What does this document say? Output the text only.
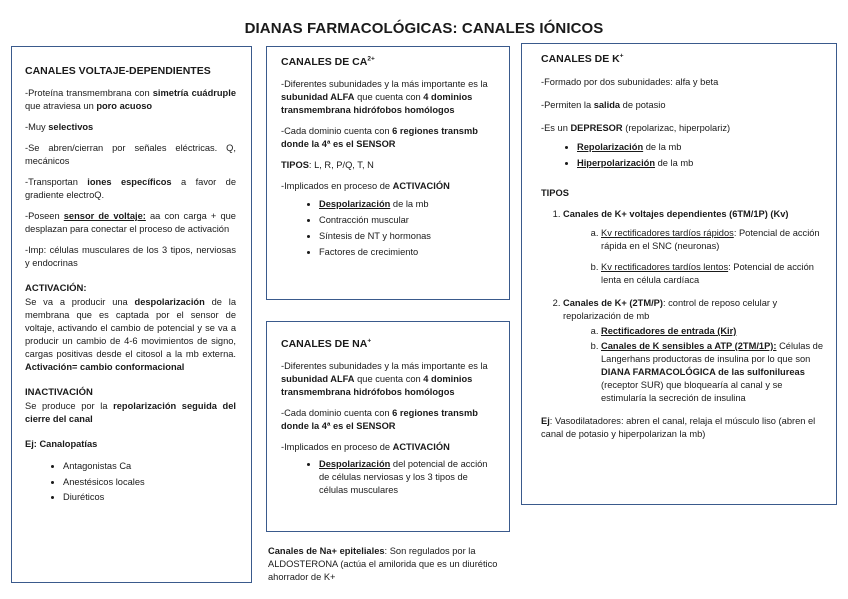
DIANAS FARMACOLÓGICAS: CANALES IÓNICOS
CANALES VOLTAJE-DEPENDIENTES

-Proteína transmembrana con simetría cuádruple que atraviesa un poro acuoso

-Muy selectivos

-Se abren/cierran por señales eléctricas. Q, mecánicos

-Transportan iones específicos a favor de gradiente electroQ.

-Poseen sensor de voltaje: aa con carga + que desplazan para conectar el proceso de activación

-Imp: células musculares de los 3 tipos, nerviosas y endocrinas

ACTIVACIÓN:

Se va a producir una despolarización de la membrana que es captada por el sensor de voltaje, activando el cambio de potencial y se va a producir un cambio de 4-6 movimientos de signo, cargas positivas desde el citosol a la mb externa. Activación= cambio conformacional

INACTIVACIÓN

Se produce por la repolarización seguida del cierre del canal

Ej: Canalopatías

• Antagonistas Ca
• Anestésicos locales
• Diuréticos
CANALES DE $CA^{2+}$

-Diferentes subunidades y la más importante es la subunidad ALFA que cuenta con 4 dominios transmembrana hidrófobos homólogos

-Cada dominio cuenta con 6 regiones transmb donde la 4ª es el SENSOR

TIPOS: L, R, P/Q, T, N

-Implicados en proceso de ACTIVACIÓN

• Despolarización de la mb
• Contracción muscular
• Síntesis de NT y hormonas
• Factores de crecimiento
CANALES DE NA+

-Diferentes subunidades y la más importante es la subunidad ALFA que cuenta con 4 dominios transmembrana hidrófobos homólogos

-Cada dominio cuenta con 6 regiones transmb donde la 4ª es el SENSOR

-Implicados en proceso de ACTIVACIÓN

• Despolarización del potencial de acción de células nerviosas y los 3 tipos de células musculares
Canales de Na+ epiteliales: Son regulados por la ALDOSTERONA (actúa el amilorida que es un diurético ahorrador de K+
CANALES DE K+

-Formado por dos subunidades: alfa y beta

-Permiten la salida de potasio

-Es un DEPRESOR (repolarizac, hiperpolariz)

• Repolarización de la mb
• Hiperpolarización de la mb

TIPOS

1. Canales de K+ voltajes dependientes (6TM/1P) (Kv)
a. Kv rectificadores tardíos rápidos: Potencial de acción rápida en el SNC (neuronas)
b. Kv rectificadores tardíos lentos: Potencial de acción lenta en célula cardíaca
2. Canales de K+ (2TM/P): control de reposo celular y repolarización de mb
a. Rectificadores de entrada (Kir)
b. Canales de K sensibles a ATP (2TM/1P): Células de Langerhans productoras de insulina por lo que son DIANA FARMACOLÓGICA de las sulfonilureas (receptor SUR) que bloquearía al canal y se estimularía la secreción de insulina

Ej: Vasodilatadores: abren el canal, relaja el músculo liso (abren el canal de potasio y hiperpolarizan la mb)
